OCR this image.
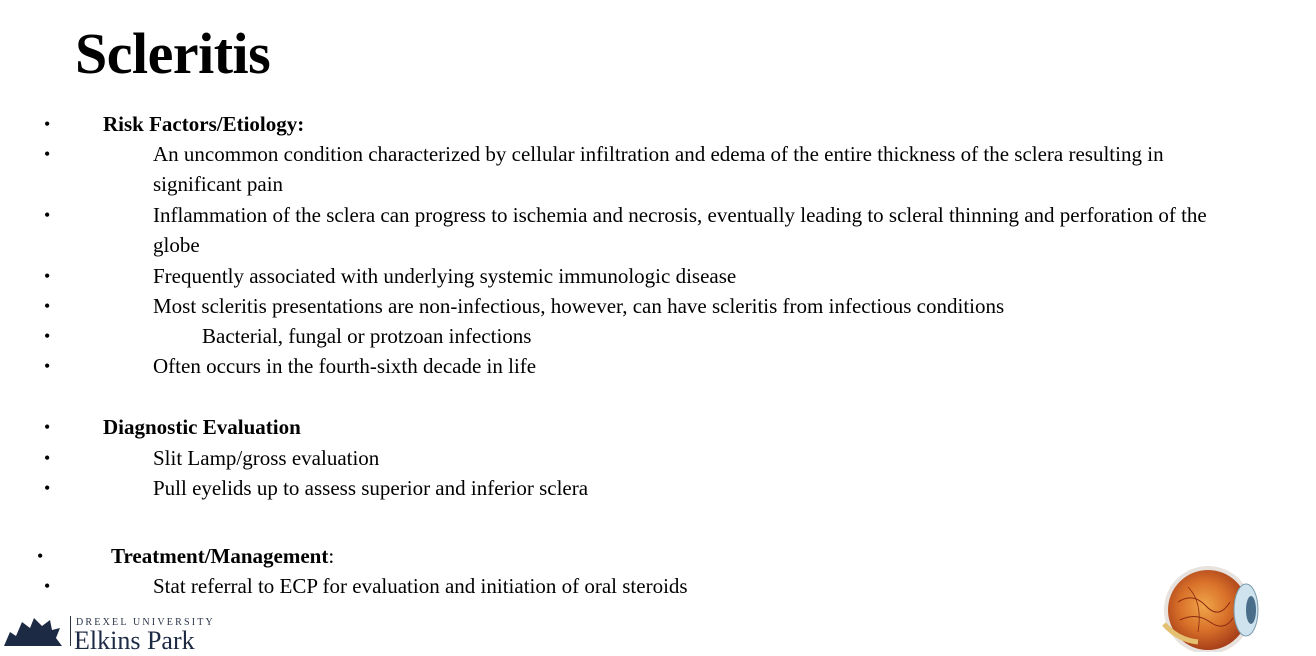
Scleritis
•	Risk Factors/Etiology:
•	An uncommon condition characterized by cellular infiltration and edema of the entire thickness of the sclera resulting in significant pain
•	Inflammation of the sclera can progress to ischemia and necrosis, eventually leading to scleral thinning and perforation of the globe
•	Frequently associated with underlying systemic immunologic disease
•	Most scleritis presentations are non-infectious, however, can have scleritis from infectious conditions
•	Bacterial, fungal or protzoan infections
•	Often occurs in the fourth-sixth decade in life
•	Diagnostic Evaluation
•	Slit Lamp/gross evaluation
•	Pull eyelids up to assess superior and inferior sclera
•	Treatment/Management:
•	Stat referral to ECP for evaluation and initiation of oral steroids
DREXEL UNIVERSITY
Elkins Park
